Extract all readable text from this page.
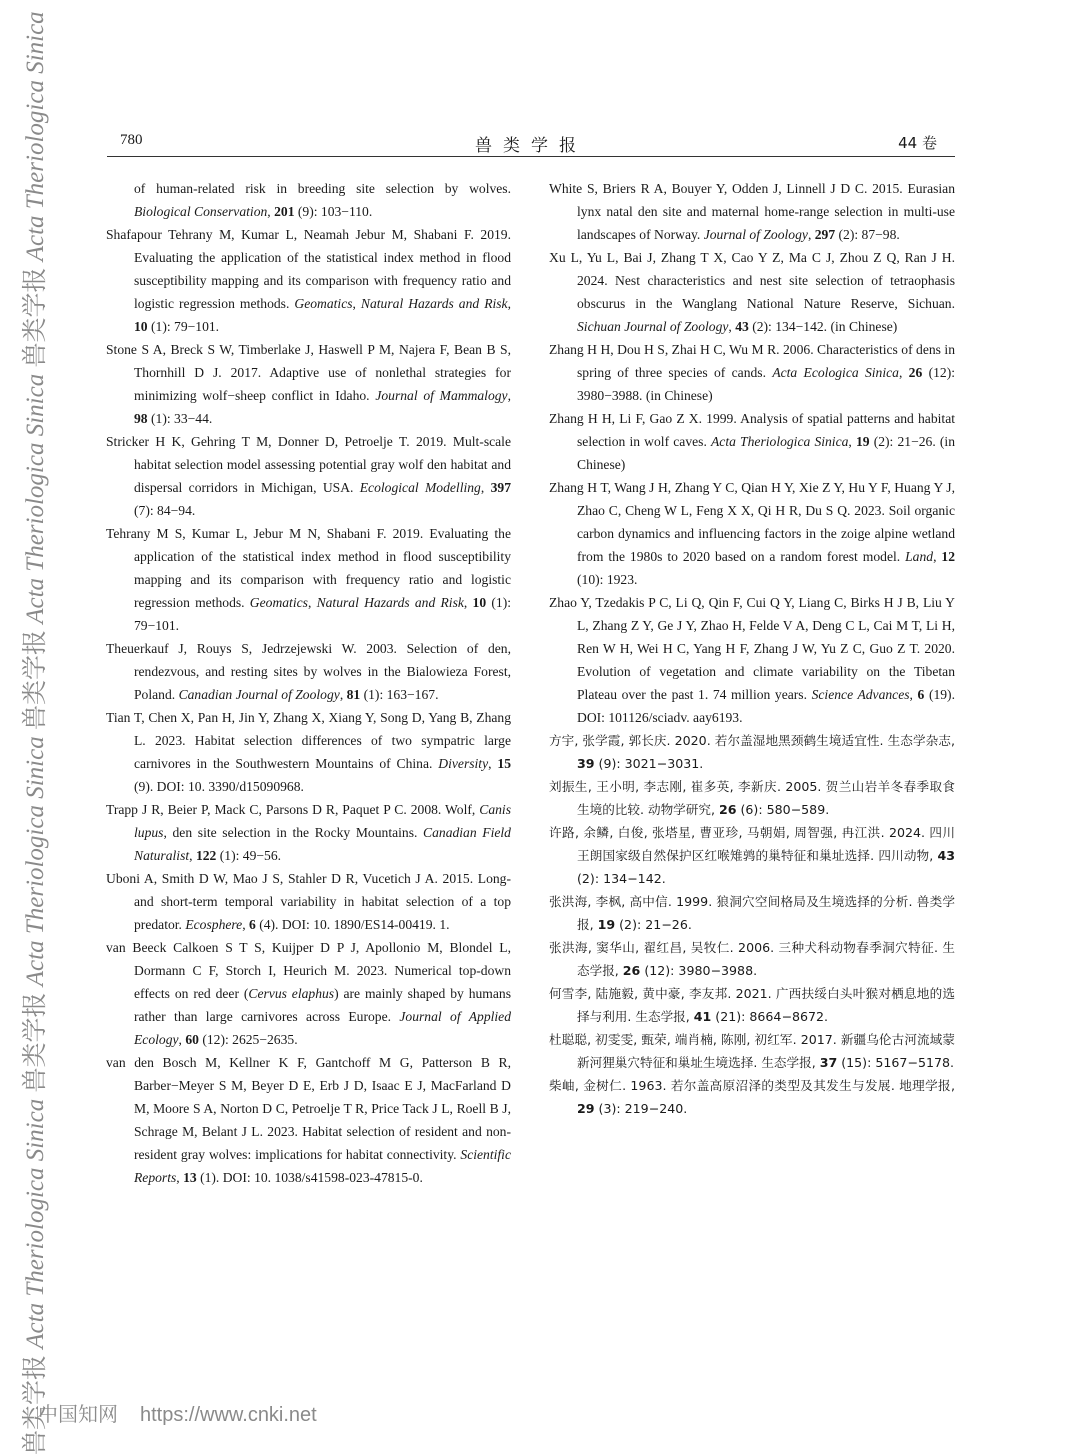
兽类学报 Acta Theriologica Sinica 兽类学报 Acta Theriologica Sinica 兽类学报 Acta Theriologica Sinica 兽类学报 Acta Theriologica Sinica	780	兽类学报	44 卷

of human-related risk in breeding site selection by wolves. Biological Conservation, 201 (9): 103−110.

Shafapour Tehrany M, Kumar L, Neamah Jebur M, Shabani F. 2019. Evaluating the application of the statistical index method in flood susceptibility mapping and its comparison with frequency ratio and logistic regression methods. Geomatics, Natural Hazards and Risk, 10 (1): 79−101.

Stone S A, Breck S W, Timberlake J, Haswell P M, Najera F, Bean B S, Thornhill D J. 2017. Adaptive use of nonlethal strategies for minimizing wolf−sheep conflict in Idaho. Journal of Mammalogy, 98 (1): 33−44.

Stricker H K, Gehring T M, Donner D, Petroelje T. 2019. Mult-scale habitat selection model assessing potential gray wolf den habitat and dispersal corridors in Michigan, USA. Ecological Modelling, 397 (7): 84−94.

Tehrany M S, Kumar L, Jebur M N, Shabani F. 2019. Evaluating the application of the statistical index method in flood susceptibility mapping and its comparison with frequency ratio and logistic regression methods. Geomatics, Natural Hazards and Risk, 10 (1): 79−101.

Theuerkauf J, Rouys S, Jedrzejewski W. 2003. Selection of den, rendezvous, and resting sites by wolves in the Bialowieza Forest, Poland. Canadian Journal of Zoology, 81 (1): 163−167.

Tian T, Chen X, Pan H, Jin Y, Zhang X, Xiang Y, Song D, Yang B, Zhang L. 2023. Habitat selection differences of two sympatric large carnivores in the Southwestern Mountains of China. Diversity, 15 (9). DOI: 10. 3390/d15090968.

Trapp J R, Beier P, Mack C, Parsons D R, Paquet P C. 2008. Wolf, Canis lupus, den site selection in the Rocky Mountains. Canadian Field Naturalist, 122 (1): 49−56.

Uboni A, Smith D W, Mao J S, Stahler D R, Vucetich J A. 2015. Long- and short-term temporal variability in habitat selection of a top predator. Ecosphere, 6 (4). DOI: 10. 1890/ES14-00419. 1.

van Beeck Calkoen S T S, Kuijper D P J, Apollonio M, Blondel L, Dormann C F, Storch I, Heurich M. 2023. Numerical top-down effects on red deer (Cervus elaphus) are mainly shaped by humans rather than large carnivores across Europe. Journal of Applied Ecology, 60 (12): 2625−2635.

van den Bosch M, Kellner K F, Gantchoff M G, Patterson B R, Barber−Meyer S M, Beyer D E, Erb J D, Isaac E J, MacFarland D M, Moore S A, Norton D C, Petroelje T R, Price Tack J L, Roell B J, Schrage M, Belant J L. 2023. Habitat selection of resident and non-resident gray wolves: implications for habitat connectivity. Scientific Reports, 13 (1). DOI: 10. 1038/s41598-023-47815-0.

White S, Briers R A, Bouyer Y, Odden J, Linnell J D C. 2015. Eurasian lynx natal den site and maternal home-range selection in multi-use landscapes of Norway. Journal of Zoology, 297 (2): 87−98.

Xu L, Yu L, Bai J, Zhang T X, Cao Y Z, Ma C J, Zhou Z Q, Ran J H. 2024. Nest characteristics and nest site selection of tetraophasis obscurus in the Wanglang National Nature Reserve, Sichuan. Sichuan Journal of Zoology, 43 (2): 134−142. (in Chinese)

Zhang H H, Dou H S, Zhai H C, Wu M R. 2006. Characteristics of dens in spring of three species of cands. Acta Ecologica Sinica, 26 (12): 3980−3988. (in Chinese)

Zhang H H, Li F, Gao Z X. 1999. Analysis of spatial patterns and habitat selection in wolf caves. Acta Theriologica Sinica, 19 (2): 21−26. (in Chinese)

Zhang H T, Wang J H, Zhang Y C, Qian H Y, Xie Z Y, Hu Y F, Huang Y J, Zhao C, Cheng W L, Feng X X, Qi H R, Du S Q. 2023. Soil organic carbon dynamics and influencing factors in the zoige alpine wetland from the 1980s to 2020 based on a random forest model. Land, 12 (10): 1923.

Zhao Y, Tzedakis P C, Li Q, Qin F, Cui Q Y, Liang C, Birks H J B, Liu Y L, Zhang Z Y, Ge J Y, Zhao H, Felde V A, Deng C L, Cai M T, Li H, Ren W H, Wei H C, Yang H F, Zhang J W, Yu Z C, Guo Z T. 2020. Evolution of vegetation and climate variability on the Tibetan Plateau over the past 1. 74 million years. Science Advances, 6 (19). DOI: 101126/sciadv. aay6193.

方宇, 张学霞, 郭长庆. 2020. 若尔盖湿地黑颈鹤生境适宜性. 生态学杂志, 39 (9): 3021−3031.

刘振生, 王小明, 李志刚, 崔多英, 李新庆. 2005. 贺兰山岩羊冬春季取食生境的比较. 动物学研究, 26 (6): 580−589.

许路, 余鳞, 白俊, 张塔星, 曹亚珍, 马朝娟, 周智强, 冉江洪. 2024. 四川王朗国家级自然保护区红喉雉鹑的巢特征和巢址选择. 四川动物, 43 (2): 134−142.

张洪海, 李枫, 高中信. 1999. 狼洞穴空间格局及生境选择的分析. 兽类学报, 19 (2): 21−26.

张洪海, 窦华山, 翟红昌, 吴牧仁. 2006. 三种犬科动物春季洞穴特征. 生态学报, 26 (12): 3980−3988.

何雪李, 陆施毅, 黄中豪, 李友邦. 2021. 广西扶绥白头叶猴对栖息地的选择与利用. 生态学报, 41 (21): 8664−8672.

杜聪聪, 初雯雯, 甄荣, 端肖楠, 陈刚, 初红军. 2017. 新疆乌伦古河流域蒙新河狸巢穴特征和巢址生境选择. 生态学报, 37 (15): 5167−5178.

柴岫, 金树仁. 1963. 若尔盖高原沼泽的类型及其发生与发展. 地理学报, 29 (3): 219−240.

中国知网 https://www.cnki.net
